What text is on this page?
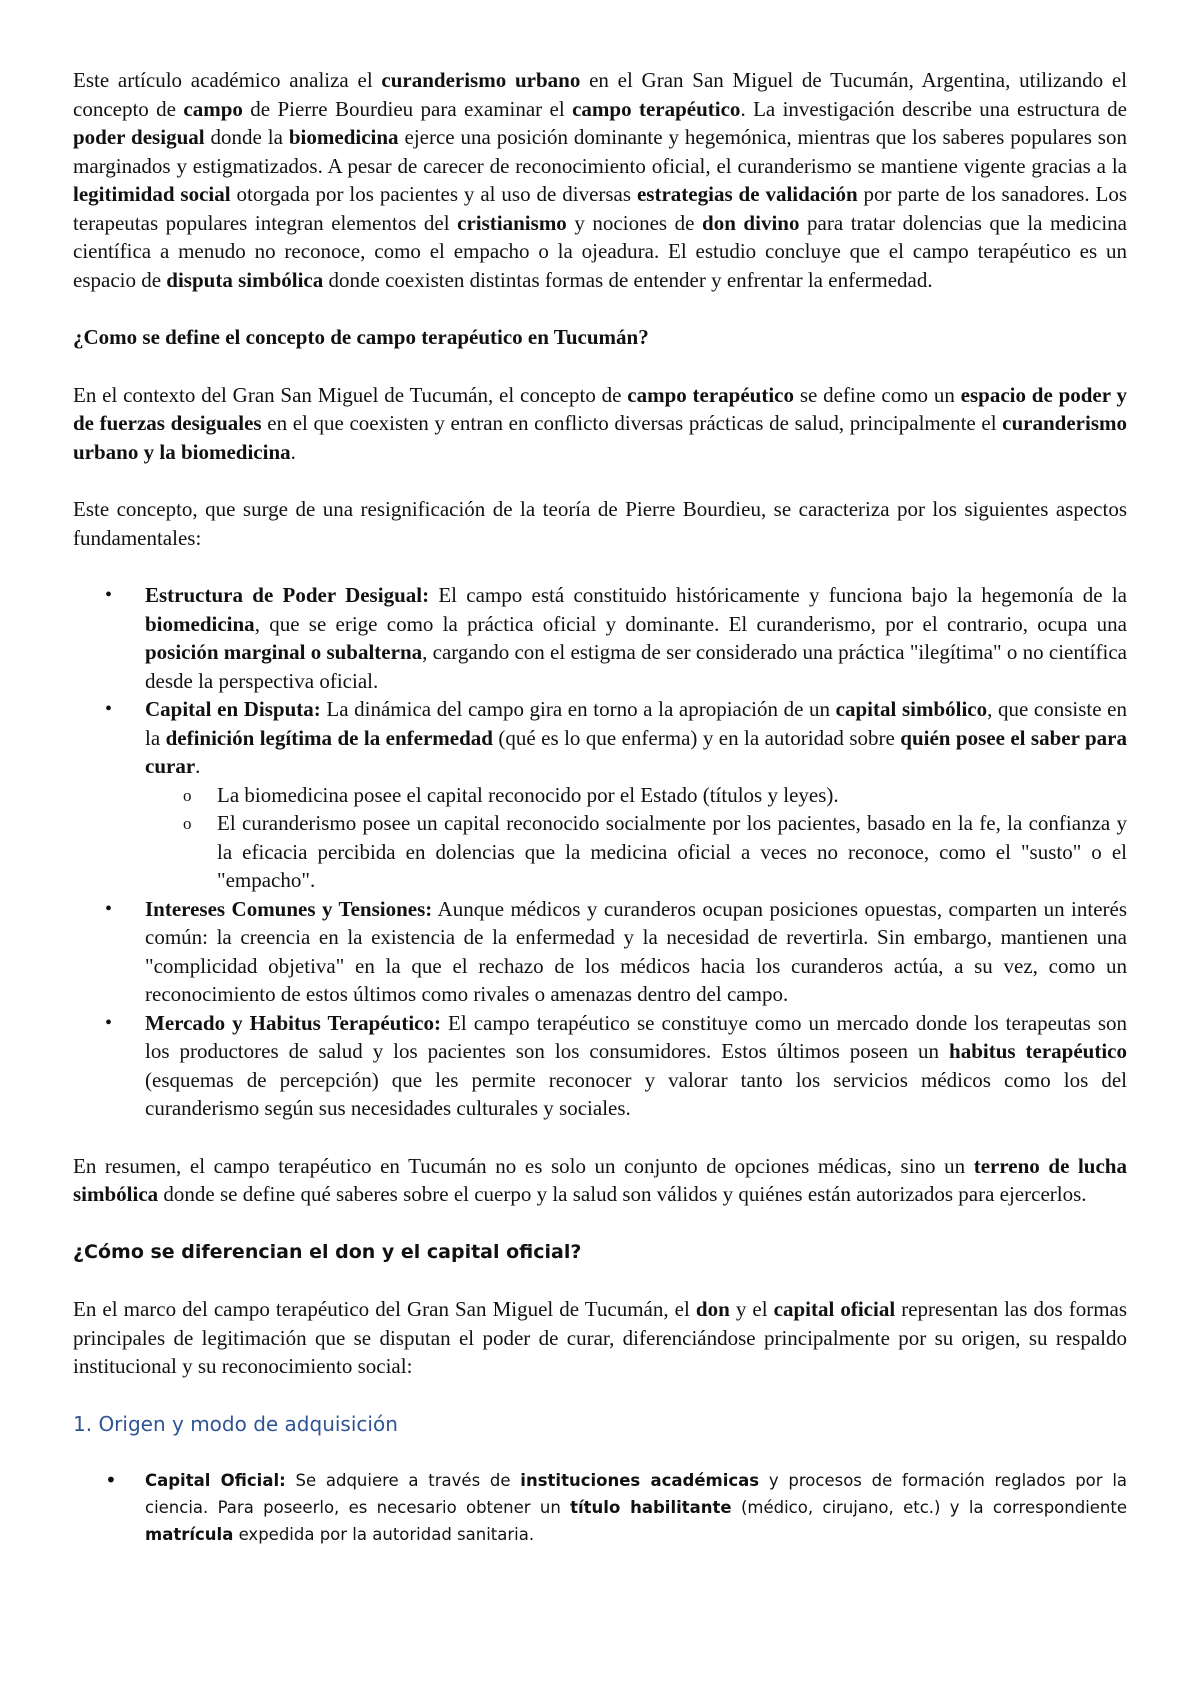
Este artículo académico analiza el curanderismo urbano en el Gran San Miguel de Tucumán, Argentina, utilizando el concepto de campo de Pierre Bourdieu para examinar el campo terapéutico. La investigación describe una estructura de poder desigual donde la biomedicina ejerce una posición dominante y hegemónica, mientras que los saberes populares son marginados y estigmatizados. A pesar de carecer de reconocimiento oficial, el curanderismo se mantiene vigente gracias a la legitimidad social otorgada por los pacientes y al uso de diversas estrategias de validación por parte de los sanadores. Los terapeutas populares integran elementos del cristianismo y nociones de don divino para tratar dolencias que la medicina científica a menudo no reconoce, como el empacho o la ojeadura. El estudio concluye que el campo terapéutico es un espacio de disputa simbólica donde coexisten distintas formas de entender y enfrentar la enfermedad.

¿Como se define el concepto de campo terapéutico en Tucumán?

En el contexto del Gran San Miguel de Tucumán, el concepto de campo terapéutico se define como un espacio de poder y de fuerzas desiguales en el que coexisten y entran en conflicto diversas prácticas de salud, principalmente el curanderismo urbano y la biomedicina.

Este concepto, que surge de una resignificación de la teoría de Pierre Bourdieu, se caracteriza por los siguientes aspectos fundamentales:

• Estructura de Poder Desigual: El campo está constituido históricamente y funciona bajo la hegemonía de la biomedicina, que se erige como la práctica oficial y dominante. El curanderismo, por el contrario, ocupa una posición marginal o subalterna, cargando con el estigma de ser considerado una práctica "ilegítima" o no científica desde la perspectiva oficial.
• Capital en Disputa: La dinámica del campo gira en torno a la apropiación de un capital simbólico, que consiste en la definición legítima de la enfermedad (qué es lo que enferma) y en la autoridad sobre quién posee el saber para curar.
o La biomedicina posee el capital reconocido por el Estado (títulos y leyes).
o El curanderismo posee un capital reconocido socialmente por los pacientes, basado en la fe, la confianza y la eficacia percibida en dolencias que la medicina oficial a veces no reconoce, como el "susto" o el "empacho".
• Intereses Comunes y Tensiones: Aunque médicos y curanderos ocupan posiciones opuestas, comparten un interés común: la creencia en la existencia de la enfermedad y la necesidad de revertirla. Sin embargo, mantienen una "complicidad objetiva" en la que el rechazo de los médicos hacia los curanderos actúa, a su vez, como un reconocimiento de estos últimos como rivales o amenazas dentro del campo.
• Mercado y Habitus Terapéutico: El campo terapéutico se constituye como un mercado donde los terapeutas son los productores de salud y los pacientes son los consumidores. Estos últimos poseen un habitus terapéutico (esquemas de percepción) que les permite reconocer y valorar tanto los servicios médicos como los del curanderismo según sus necesidades culturales y sociales.

En resumen, el campo terapéutico en Tucumán no es solo un conjunto de opciones médicas, sino un terreno de lucha simbólica donde se define qué saberes sobre el cuerpo y la salud son válidos y quiénes están autorizados para ejercerlos.

¿Cómo se diferencian el don y el capital oficial?

En el marco del campo terapéutico del Gran San Miguel de Tucumán, el don y el capital oficial representan las dos formas principales de legitimación que se disputan el poder de curar, diferenciándose principalmente por su origen, su respaldo institucional y su reconocimiento social:

1. Origen y modo de adquisición

• Capital Oficial: Se adquiere a través de instituciones académicas y procesos de formación reglados por la ciencia. Para poseerlo, es necesario obtener un título habilitante (médico, cirujano, etc.) y la correspondiente matrícula expedida por la autoridad sanitaria.
